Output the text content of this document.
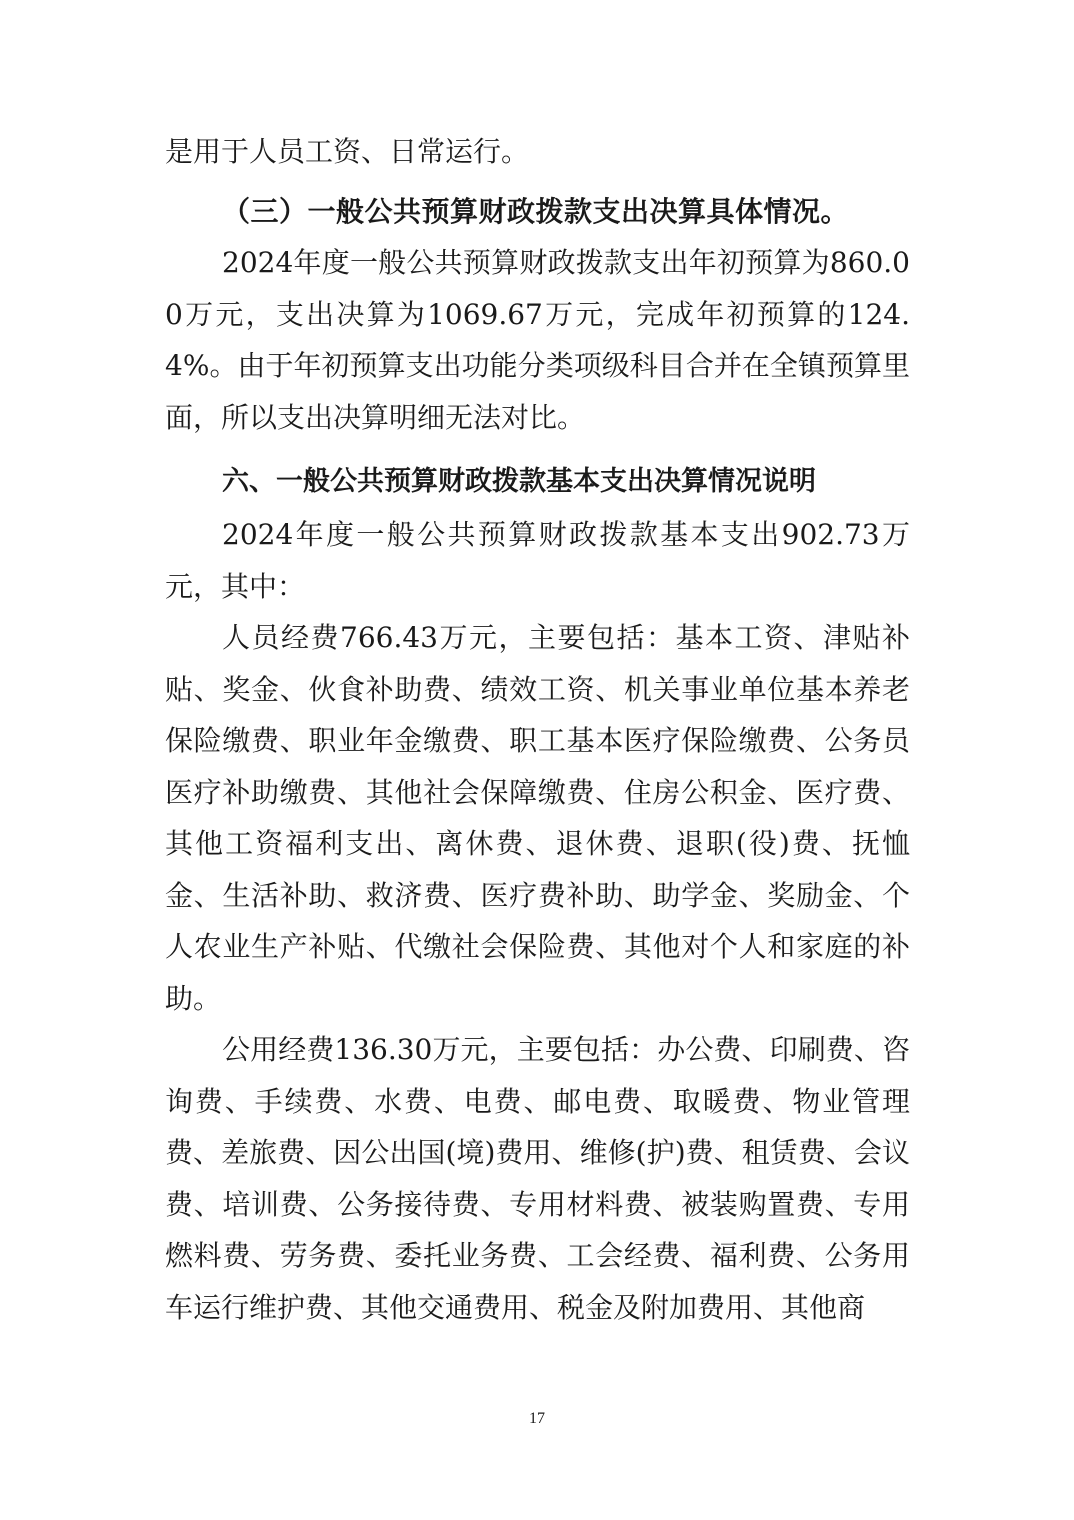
是用于人员工资、日常运行。

（三）一般公共预算财政拨款支出决算具体情况。

2024年度一般公共预算财政拨款支出年初预算为860.00万元，支出决算为1069.67万元，完成年初预算的124.4%。由于年初预算支出功能分类项级科目合并在全镇预算里面，所以支出决算明细无法对比。

六、一般公共预算财政拨款基本支出决算情况说明

2024年度一般公共预算财政拨款基本支出902.73万元，其中：

人员经费766.43万元，主要包括：基本工资、津贴补贴、奖金、伙食补助费、绩效工资、机关事业单位基本养老保险缴费、职业年金缴费、职工基本医疗保险缴费、公务员医疗补助缴费、其他社会保障缴费、住房公积金、医疗费、其他工资福利支出、离休费、退休费、退职(役)费、抚恤金、生活补助、救济费、医疗费补助、助学金、奖励金、个人农业生产补贴、代缴社会保险费、其他对个人和家庭的补助。

公用经费136.30万元，主要包括：办公费、印刷费、咨询费、手续费、水费、电费、邮电费、取暖费、物业管理费、差旅费、因公出国(境)费用、维修(护)费、租赁费、会议费、培训费、公务接待费、专用材料费、被装购置费、专用燃料费、劳务费、委托业务费、工会经费、福利费、公务用车运行维护费、其他交通费用、税金及附加费用、其他商

17
